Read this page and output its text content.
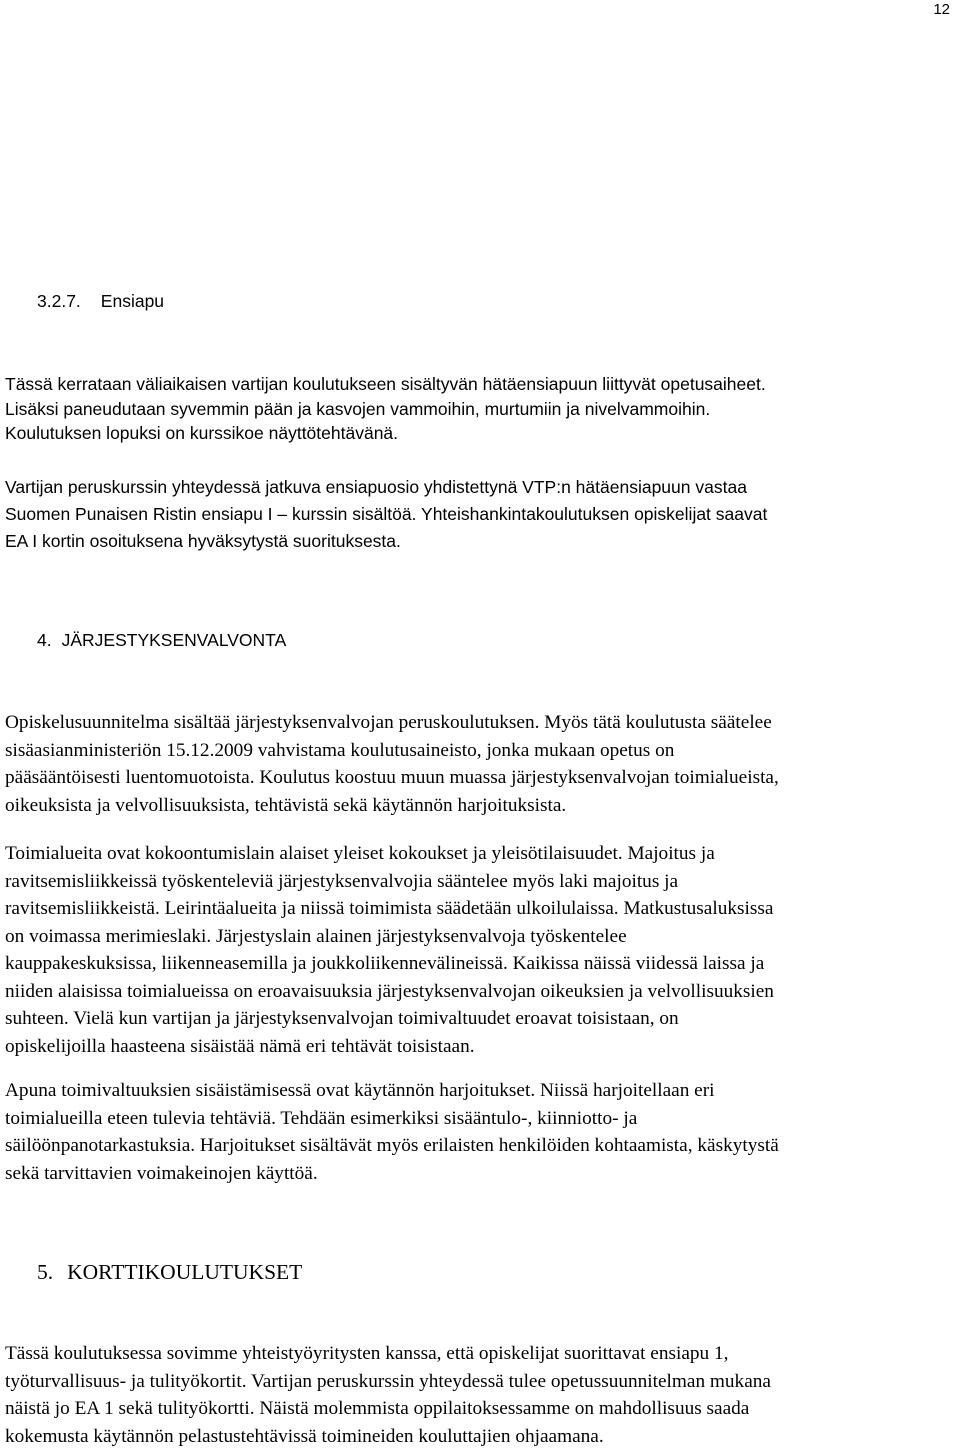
12
3.2.7. Ensiapu
Tässä kerrataan väliaikaisen vartijan koulutukseen sisältyvän hätäensiapuun liittyvät opetusaiheet.
Lisäksi paneudutaan syvemmin pään ja kasvojen vammoihin, murtumiin ja nivelvammoihin.
Koulutuksen lopuksi on kurssikoe näyttötehtävänä.
Vartijan peruskurssin yhteydessä jatkuva ensiapuosio yhdistettynä VTP:n hätäensiapuun vastaa
Suomen Punaisen Ristin ensiapu I – kurssin sisältöä. Yhteishankintakoulutuksen opiskelijat saavat
EA I kortin osoituksena hyväksytystä suorituksesta.
4. JÄRJESTYKSENVALVONTA
Opiskelusuunnitelma sisältää järjestyksenvalvojan peruskoulutuksen. Myös tätä koulutusta säätelee
sisäasianministeriön 15.12.2009 vahvistama koulutusaineisto, jonka mukaan opetus on
pääsääntöisesti luentomuotoista. Koulutus koostuu muun muassa järjestyksenvalvojan toimialueista,
oikeuksista ja velvollisuuksista, tehtävistä sekä käytännön harjoituksista.
Toimialueita ovat kokoontumislain alaiset yleiset kokoukset ja yleisötilaisuudet. Majoitus ja
ravitsemisliikkeissä työskenteleviä järjestyksenvalvojia sääntelee myös laki majoitus ja
ravitsemisliikkeistä. Leirintäalueita ja niissä toimimista säädetään ulkoilulaissa. Matkustusaluksissa
on voimassa merimieslaki. Järjestyslain alainen järjestyksenvalvoja työskentelee
kauppakeskuksissa, liikenneasemilla ja joukkoliikennevälineissä. Kaikissa näissä viidessä laissa ja
niiden alaisissa toimialueissa on eroavaisuuksia järjestyksenvalvojan oikeuksien ja velvollisuuksien
suhteen. Vielä kun vartijan ja järjestyksenvalvojan toimivaltuudet eroavat toisistaan, on
opiskelijoilla haasteena sisäistää nämä eri tehtävät toisistaan.
Apuna toimivaltuuksien sisäistämisessä ovat käytännön harjoitukset. Niissä harjoitellaan eri
toimialueilla eteen tulevia tehtäviä. Tehdään esimerkiksi sisääntulo-, kiinniotto- ja
säilöönpanotarkastuksia. Harjoitukset sisältävät myös erilaisten henkilöiden kohtaamista, käskytystä
sekä tarvittavien voimakeinojen käyttöä.
5. KORTTIKOULUTUKSET
Tässä koulutuksessa sovimme yhteistyöyritysten kanssa, että opiskelijat suorittavat ensiapu 1,
työturvallisuus- ja tulityökortit. Vartijan peruskurssin yhteydessä tulee opetussuunnitelman mukana
näistä jo EA 1 sekä tulityökortti. Näistä molemmista oppilaitoksessamme on mahdollisuus saada
kokemusta käytännön pelastustehtävissä toimineiden kouluttajien ohjaamana.
